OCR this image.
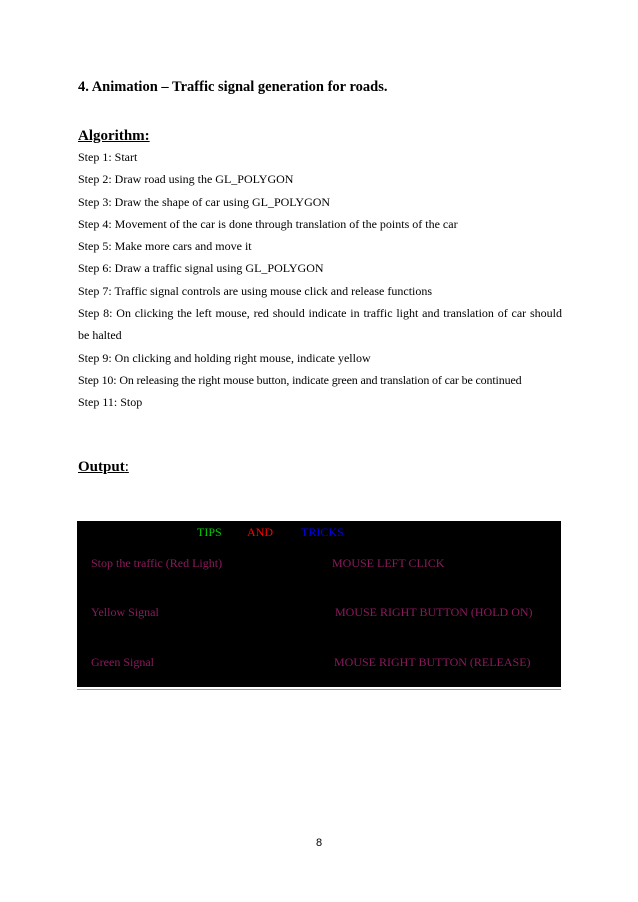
4. Animation – Traffic signal generation for roads.
Algorithm:

Step 1: Start

Step 2: Draw road using the GL_POLYGON

Step 3: Draw the shape of car using GL_POLYGON

Step 4: Movement of the car is done through translation of the points of the car

Step 5: Make more cars and move it

Step 6: Draw a traffic signal using GL_POLYGON

Step 7: Traffic signal controls are using mouse click and release functions

Step 8: On clicking the left mouse, red should indicate in traffic light and translation of car should be halted

Step 9: On clicking and holding right mouse, indicate yellow

Step 10: On releasing the right mouse button, indicate green and translation of car be continued

Step 11: Stop

Output:
TIPS AND TRICKS
Stop the traffic (Red Light)	MOUSE LEFT CLICK
Yellow Signal	MOUSE RIGHT BUTTON (HOLD ON)
Green Signal	MOUSE RIGHT BUTTON (RELEASE)
8
